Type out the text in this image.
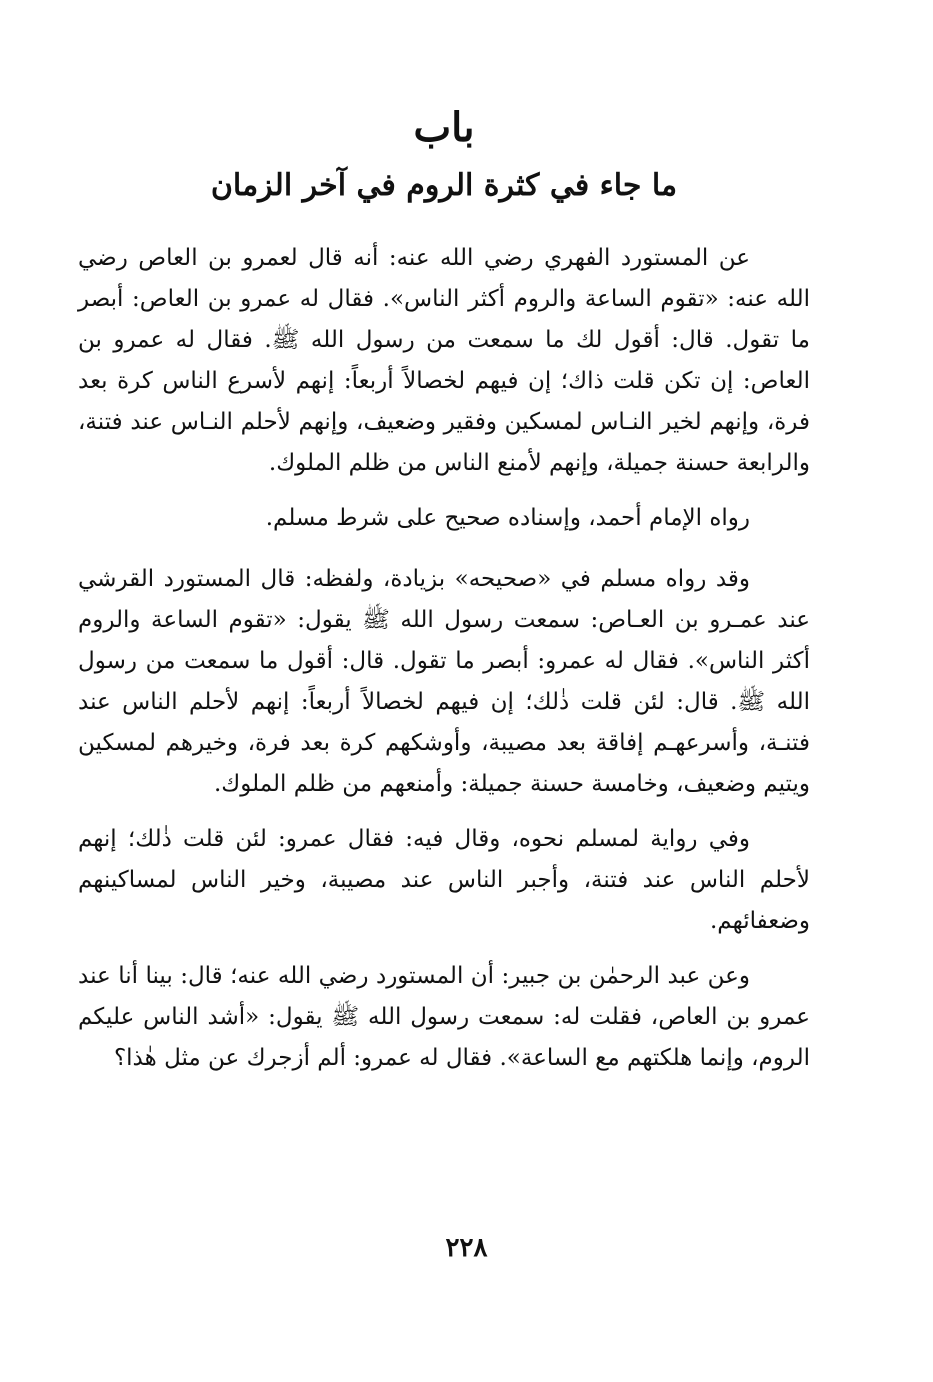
باب
ما جاء في كثرة الروم في آخر الزمان

عن المستورد الفهري رضي الله عنه: أنه قال لعمرو بن العاص رضي الله عنه: «تقوم الساعة والروم أكثر الناس». فقال له عمرو بن العاص: أبصر ما تقول. قال: أقول لك ما سمعت من رسول الله ﷺ. فقال له عمرو بن العاص: إن تكن قلت ذاك؛ إن فيهم لخصالاً أربعاً: إنهم لأسرع الناس كرة بعد فرة، وإنهم لخير النـاس لمسكين وفقير وضعيف، وإنهم لأحلم النـاس عند فتنة، والرابعة حسنة جميلة، وإنهم لأمنع الناس من ظلم الملوك.

رواه الإمام أحمد، وإسناده صحيح على شرط مسلم.

وقد رواه مسلم في «صحيحه» بزيادة، ولفظه: قال المستورد القرشي عند عمـرو بن العـاص: سمعت رسول الله ﷺ يقول: «تقوم الساعة والروم أكثر الناس». فقال له عمرو: أبصر ما تقول. قال: أقول ما سمعت من رسول الله ﷺ. قال: لئن قلت ذٰلك؛ إن فيهم لخصالاً أربعاً: إنهم لأحلم الناس عند فتنـة، وأسرعهـم إفاقة بعد مصيبة، وأوشكهم كرة بعد فرة، وخيرهم لمسكين ويتيم وضعيف، وخامسة حسنة جميلة: وأمنعهم من ظلم الملوك.

وفي رواية لمسلم نحوه، وقال فيه: فقال عمرو: لئن قلت ذٰلك؛ إنهم لأحلم الناس عند فتنة، وأجبر الناس عند مصيبة، وخير الناس لمساكينهم وضعفائهم.

وعن عبد الرحمٰن بن جبير: أن المستورد رضي الله عنه؛ قال: بينا أنا عند عمرو بن العاص، فقلت له: سمعت رسول الله ﷺ يقول: «أشد الناس عليكم الروم، وإنما هلكتهم مع الساعة». فقال له عمرو: ألم أزجرك عن مثل هٰذا؟

٢٢٨
